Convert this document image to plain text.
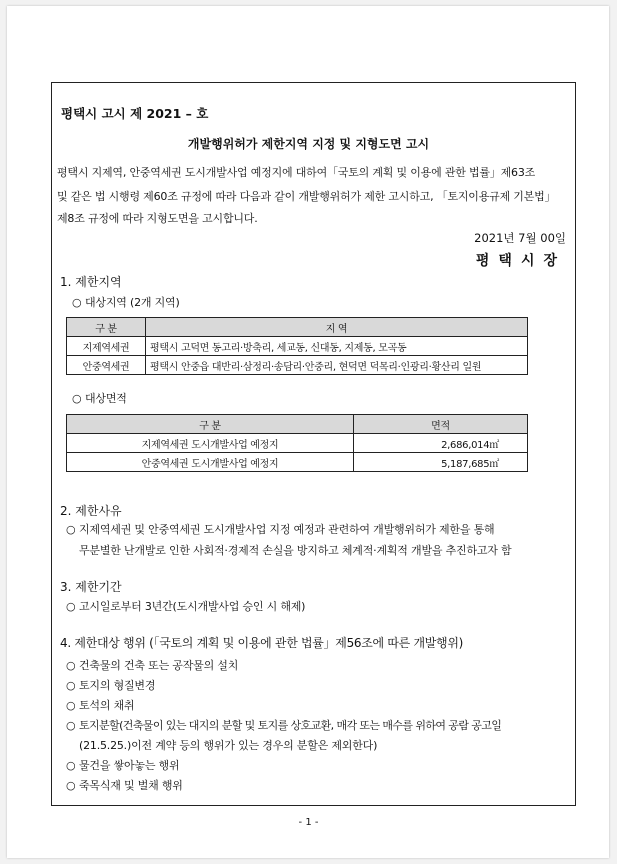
평택시 고시 제 2021 – 호
개발행위허가 제한지역 지정 및 지형도면 고시
평택시 지제역, 안중역세권 도시개발사업 예정지에 대하여「국토의 계획 및 이용에 관한 법률」제63조
및 같은 법 시행령 제60조 규정에 따라 다음과 같이 개발행위허가 제한 고시하고, 「토지이용규제 기본법」
제8조 규정에 따라 지형도면을 고시합니다.
2021년 7월 00일
평택시장
1. 제한지역
○ 대상지역 (2개 지역)
구 분	지 역
지제역세권	평택시 고덕면 동고리·방축리, 세교동, 신대동, 지제동, 모곡동
안중역세권	평택시 안중읍 대반리·삼정리·송담리·안중리, 현덕면 덕목리·인광리·황산리 일원
○ 대상면적
구 분	면적
지제역세권 도시개발사업 예정지	2,686,014㎡
안중역세권 도시개발사업 예정지	5,187,685㎡
2. 제한사유
○ 지제역세권 및 안중역세권 도시개발사업 지정 예정과 관련하여 개발행위허가 제한을 통해
무분별한 난개발로 인한 사회적·경제적 손실을 방지하고 체계적·계획적 개발을 추진하고자 함
3. 제한기간
○ 고시일로부터 3년간(도시개발사업 승인 시 해제)
4. 제한대상 행위 (「국토의 계획 및 이용에 관한 법률」제56조에 따른 개발행위)
○ 건축물의 건축 또는 공작물의 설치
○ 토지의 형질변경
○ 토석의 채취
○ 토지분할(건축물이 있는 대지의 분할 및 토지를 상호교환, 매각 또는 매수를 위하여 공람 공고일
(21.5.25.)이전 계약 등의 행위가 있는 경우의 분할은 제외한다)
○ 물건을 쌓아놓는 행위
○ 죽목식재 및 벌채 행위
- 1 -
